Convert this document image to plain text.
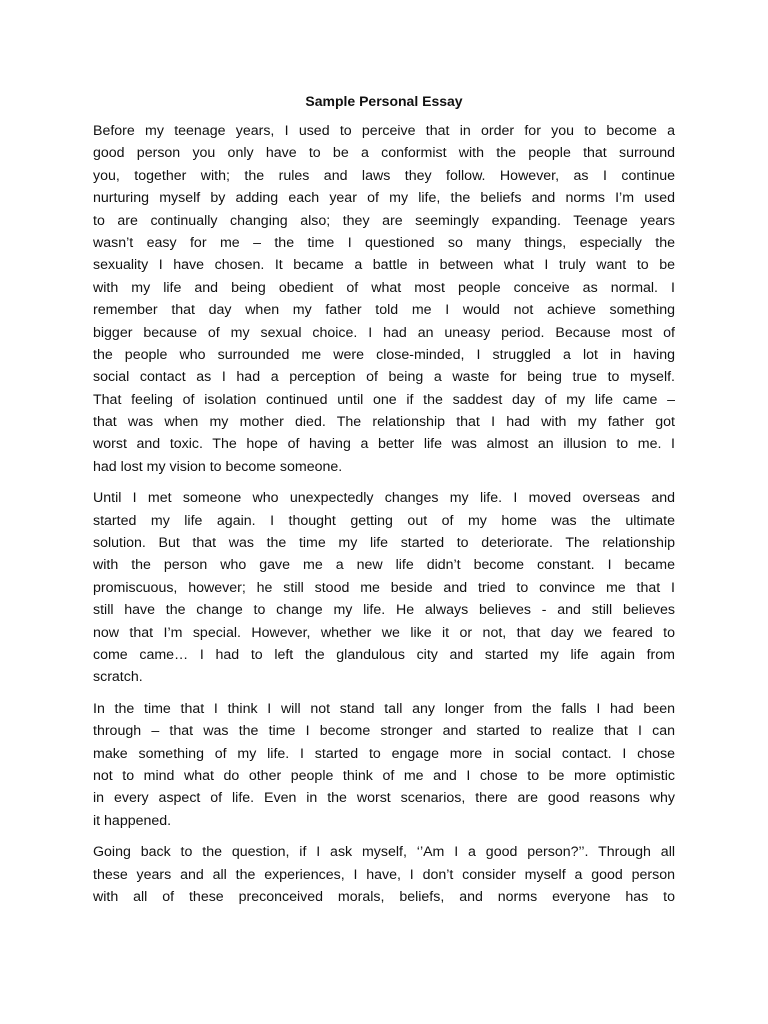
Sample Personal Essay
Before my teenage years, I used to perceive that in order for you to become a
good person you only have to be a conformist with the people that surround
you, together with; the rules and laws they follow. However, as I continue
nurturing myself by adding each year of my life, the beliefs and norms I’m used
to are continually changing also; they are seemingly expanding. Teenage years
wasn’t easy for me – the time I questioned so many things, especially the
sexuality I have chosen. It became a battle in between what I truly want to be
with my life and being obedient of what most people conceive as normal. I
remember that day when my father told me I would not achieve something
bigger because of my sexual choice. I had an uneasy period. Because most of
the people who surrounded me were close-minded, I struggled a lot in having
social contact as I had a perception of being a waste for being true to myself.
That feeling of isolation continued until one if the saddest day of my life came –
that was when my mother died. The relationship that I had with my father got
worst and toxic. The hope of having a better life was almost an illusion to me. I
had lost my vision to become someone.
Until I met someone who unexpectedly changes my life. I moved overseas and
started my life again. I thought getting out of my home was the ultimate
solution. But that was the time my life started to deteriorate. The relationship
with the person who gave me a new life didn’t become constant. I became
promiscuous, however; he still stood me beside and tried to convince me that I
still have the change to change my life. He always believes - and still believes
now that I’m special. However, whether we like it or not, that day we feared to
come came… I had to left the glandulous city and started my life again from
scratch.
In the time that I think I will not stand tall any longer from the falls I had been
through – that was the time I become stronger and started to realize that I can
make something of my life. I started to engage more in social contact. I chose
not to mind what do other people think of me and I chose to be more optimistic
in every aspect of life. Even in the worst scenarios, there are good reasons why
it happened.
Going back to the question, if I ask myself, ‘’Am I a good person?’’. Through all
these years and all the experiences, I have, I don’t consider myself a good person
with all of these preconceived morals, beliefs, and norms everyone has to
